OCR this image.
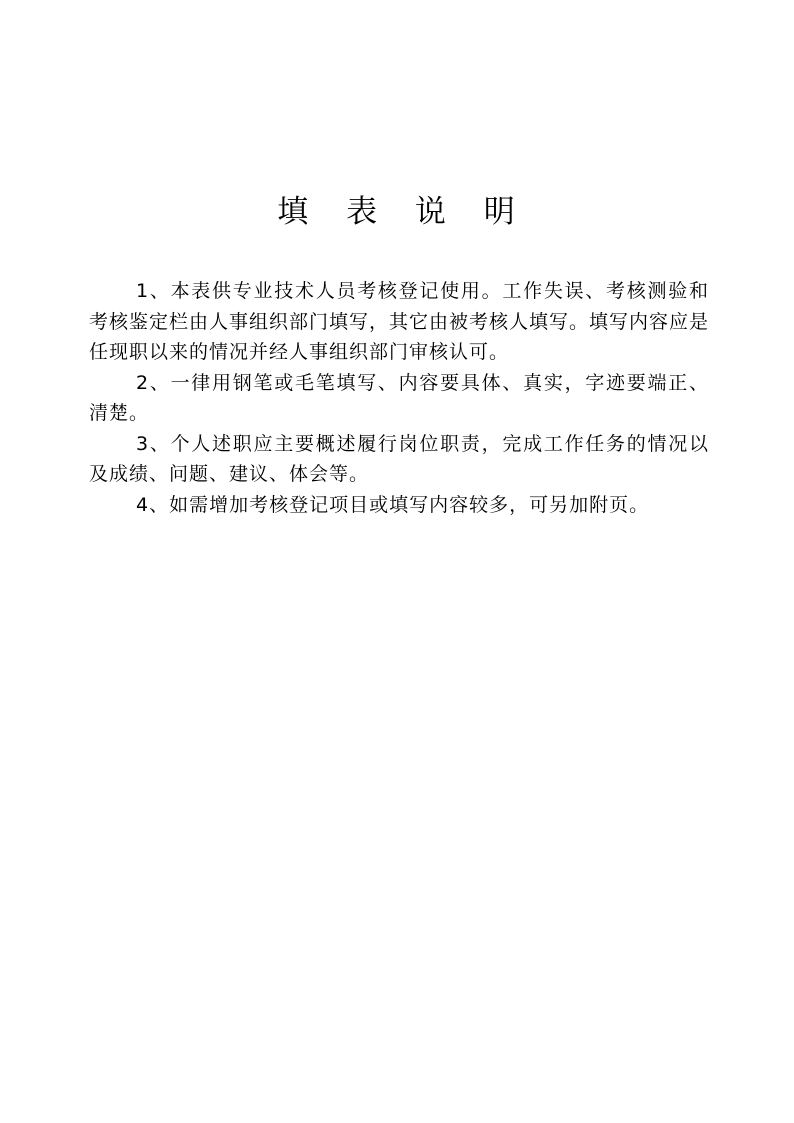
填 表 说 明

1、本表供专业技术人员考核登记使用。工作失误、考核测验和考核鉴定栏由人事组织部门填写，其它由被考核人填写。填写内容应是任现职以来的情况并经人事组织部门审核认可。

2、一律用钢笔或毛笔填写、内容要具体、真实，字迹要端正、清楚。

3、个人述职应主要概述履行岗位职责，完成工作任务的情况以及成绩、问题、建议、体会等。

4、如需增加考核登记项目或填写内容较多，可另加附页。
